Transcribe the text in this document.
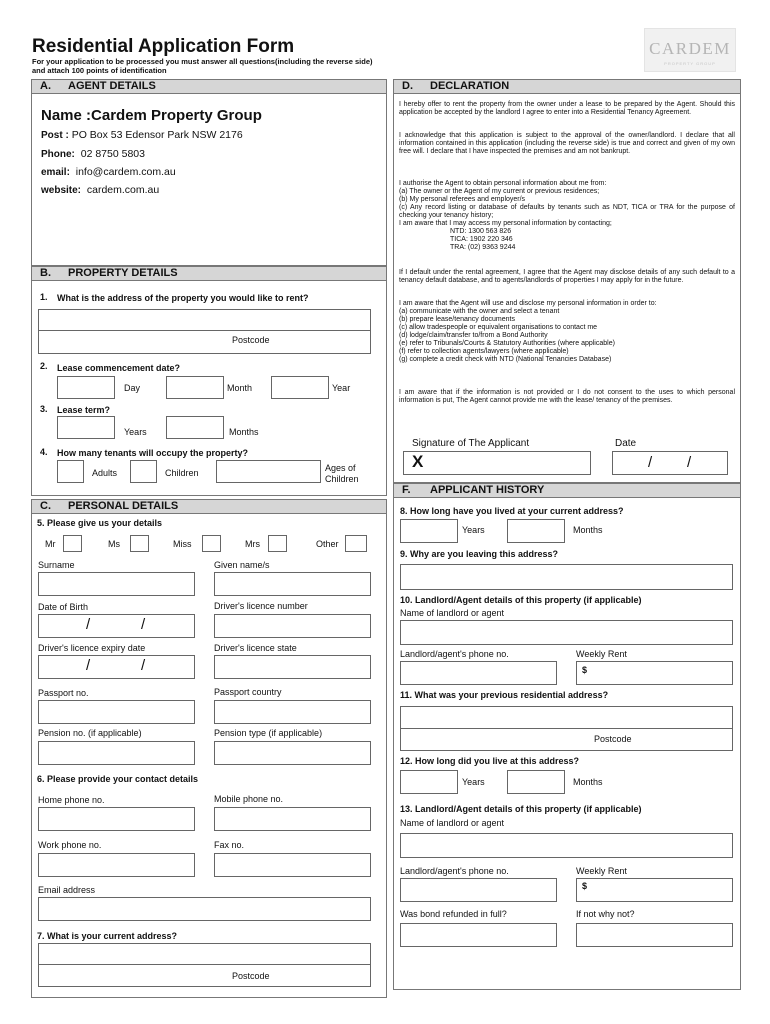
Residential Application Form
For your application to be processed you must answer all questions(including the reverse side) and attach 100 points of identification
CARDEM
PROPERTY GROUP
A. AGENT DETAILS
Name :Cardem Property Group
Post : PO Box 53 Edensor Park NSW 2176
Phone: 02 8750 5803
email: info@cardem.com.au
website: cardem.com.au
B. PROPERTY DETAILS
1. What is the address of the property you would like to rent?
Postcode
2. Lease commencement date?
Day	Month	Year
3. Lease term?
Years	Months
4. How many tenants will occupy the property?
Adults	Children	Ages of
Children
C. PERSONAL DETAILS
5. Please give us your details
Mr	Ms	Miss	Mrs	Other
Surname	Given name/s
Date of Birth	Driver's licence number
/	/
Driver's licence expiry date	Driver's licence state
/	/
Passport no.	Passport country
Pension no. (if applicable)	Pension type (if applicable)
6. Please provide your contact details
Home phone no.	Mobile phone no.
Work phone no.	Fax no.
Email address
7. What is your current address?
Postcode
D. DECLARATION
I hereby offer to rent the property from the owner under a lease to be prepared by the Agent. Should this application be accepted by the landlord I agree to enter into a Residential Tenancy Agreement.
I acknowledge that this application is subject to the approval of the owner/landlord. I declare that all information contained in this application (including the reverse side) is true and correct and given of my own free will. I declare that I have inspected the premises and am not bankrupt.
I authorise the Agent to obtain personal information about me from:
(a) The owner or the Agent of my current or previous residences;
(b) My personal referees and employer/s
(c) Any record listing or database of defaults by tenants such as NDT, TICA or TRA for the purpose of checking your tenancy history;
I am aware that I may access my personal information by contacting;
NTD: 1300 563 826
TICA: 1902 220 346
TRA: (02) 9363 9244
If I default under the rental agreement, I agree that the Agent may disclose details of any such default to a tenancy default database, and to agents/landlords of properties I may apply for in the future.
I am aware that the Agent will use and disclose my personal information in order to:
(a) communicate with the owner and select a tenant
(b) prepare lease/tenancy documents
(c) allow tradespeople or equivalent organisations to contact me
(d) lodge/claim/transfer to/from a Bond Authority
(e) refer to Tribunals/Courts & Statutory Authorities (where applicable)
(f) refer to collection agents/lawyers (where applicable)
(g) complete a credit check with NTD (National Tenancies Database)
I am aware that if the information is not provided or I do not consent to the uses to which personal information is put, The Agent cannot provide me with the lease/ tenancy of the premises.
Signature of The Applicant	Date
X	/ /
F. APPLICANT HISTORY
8. How long have you lived at your current address?
Years	Months
9. Why are you leaving this address?
10. Landlord/Agent details of this property (if applicable)
Name of landlord or agent
Landlord/agent's phone no.	Weekly Rent
$
11. What was your previous residential address?
Postcode
12. How long did you live at this address?
Years	Months
13. Landlord/Agent details of this property (if applicable)
Name of landlord or agent
Landlord/agent's phone no.	Weekly Rent
$
Was bond refunded in full?	If not why not?
